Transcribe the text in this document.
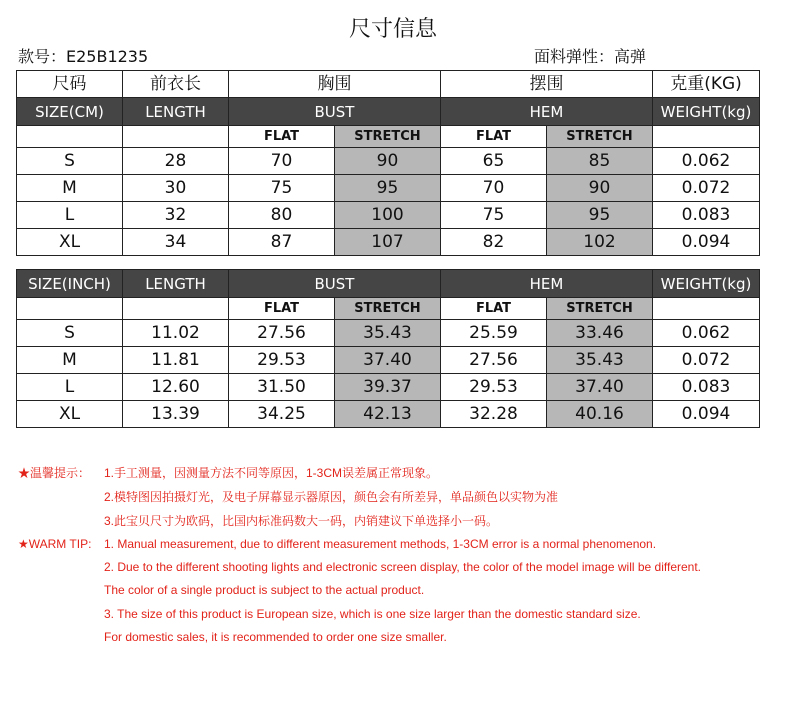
尺寸信息
款号：E25B1235	面料弹性：高弹
尺码	前衣长	胸围		摆围		克重(KG)
SIZE(CM)	LENGTH	BUST		HEM		WEIGHT(kg)
		FLAT	STRETCH	FLAT	STRETCH	
S	28	70	90	65	85	0.062
M	30	75	95	70	90	0.072
L	32	80	100	75	95	0.083
XL	34	87	107	82	102	0.094
SIZE(INCH)	LENGTH	BUST		HEM		WEIGHT(kg)
		FLAT	STRETCH	FLAT	STRETCH	
S	11.02	27.56	35.43	25.59	33.46	0.062
M	11.81	29.53	37.40	27.56	35.43	0.072
L	12.60	31.50	39.37	29.53	37.40	0.083
XL	13.39	34.25	42.13	32.28	40.16	0.094
★温馨提示： 1.手工测量，因测量方法不同等原因，1-3CM误差属正常现象。
2.模特图因拍摄灯光，及电子屏幕显示器原因，颜色会有所差异，单品颜色以实物为准
3.此宝贝尺寸为欧码，比国内标准码数大一码，内销建议下单选择小一码。
★WARM TIP: 1. Manual measurement, due to different measurement methods, 1-3CM error is a normal phenomenon.
2. Due to the different shooting lights and electronic screen display, the color of the model image will be different.
The color of a single product is subject to the actual product.
3. The size of this product is European size, which is one size larger than the domestic standard size.
For domestic sales, it is recommended to order one size smaller.
